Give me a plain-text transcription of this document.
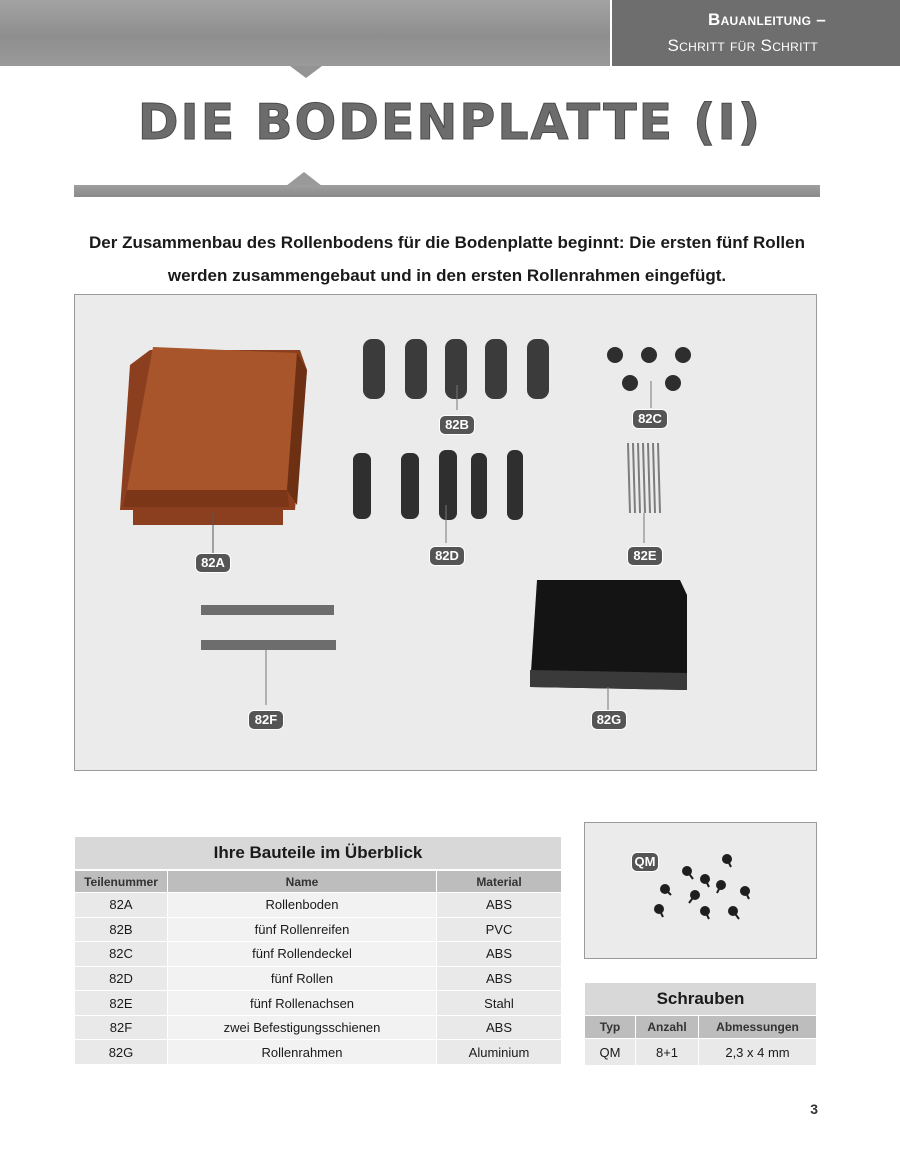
Bauanleitung –
Schritt für Schritt
DIE BODENPLATTE (I)
Der Zusammenbau des Rollenbodens für die Bodenplatte beginnt: Die ersten fünf Rollen werden zusammengebaut und in den ersten Rollenrahmen eingefügt.
82A
82B	82C
82D	82E
82F	82G
Ihre Bauteile im Überblick		
Teilenummer	Name	Material
82A	Rollenboden	ABS
82B	fünf Rollenreifen	PVC
82C	fünf Rollendeckel	ABS
82D	fünf Rollen	ABS
82E	fünf Rollenachsen	Stahl
82F	zwei Befestigungsschienen	ABS
82G	Rollenrahmen	Aluminium
QM
Schrauben		
Typ	Anzahl	Abmessungen
QM	8+1	2,3 x 4 mm
3
